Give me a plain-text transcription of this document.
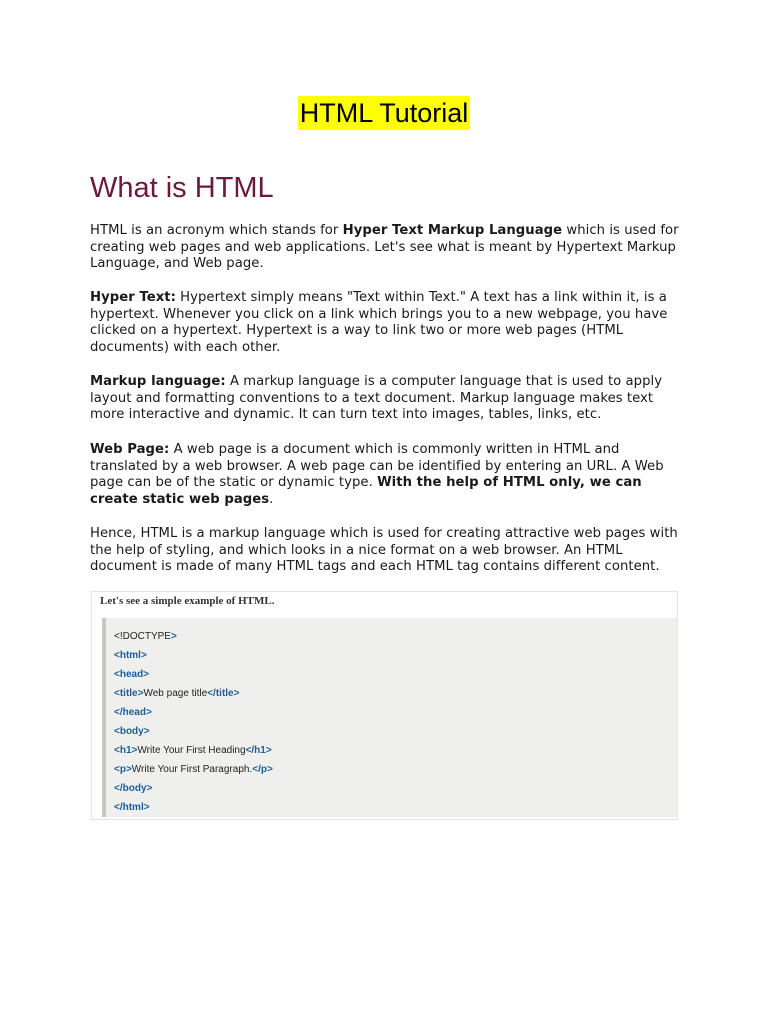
HTML Tutorial
What is HTML

HTML is an acronym which stands for Hyper Text Markup Language which is used for creating web pages and web applications. Let's see what is meant by Hypertext Markup Language, and Web page.

Hyper Text: Hypertext simply means "Text within Text." A text has a link within it, is a hypertext. Whenever you click on a link which brings you to a new webpage, you have clicked on a hypertext. Hypertext is a way to link two or more web pages (HTML documents) with each other.

Markup language: A markup language is a computer language that is used to apply layout and formatting conventions to a text document. Markup language makes text more interactive and dynamic. It can turn text into images, tables, links, etc.

Web Page: A web page is a document which is commonly written in HTML and translated by a web browser. A web page can be identified by entering an URL. A Web page can be of the static or dynamic type. With the help of HTML only, we can create static web pages.

Hence, HTML is a markup language which is used for creating attractive web pages with the help of styling, and which looks in a nice format on a web browser. An HTML document is made of many HTML tags and each HTML tag contains different content.

Let's see a simple example of HTML.
<!DOCTYPE>
<html>
<head>
<title>Web page title</title>
</head>
<body>
<h1>Write Your First Heading</h1>
<p>Write Your First Paragraph.</p>
</body>
</html>
